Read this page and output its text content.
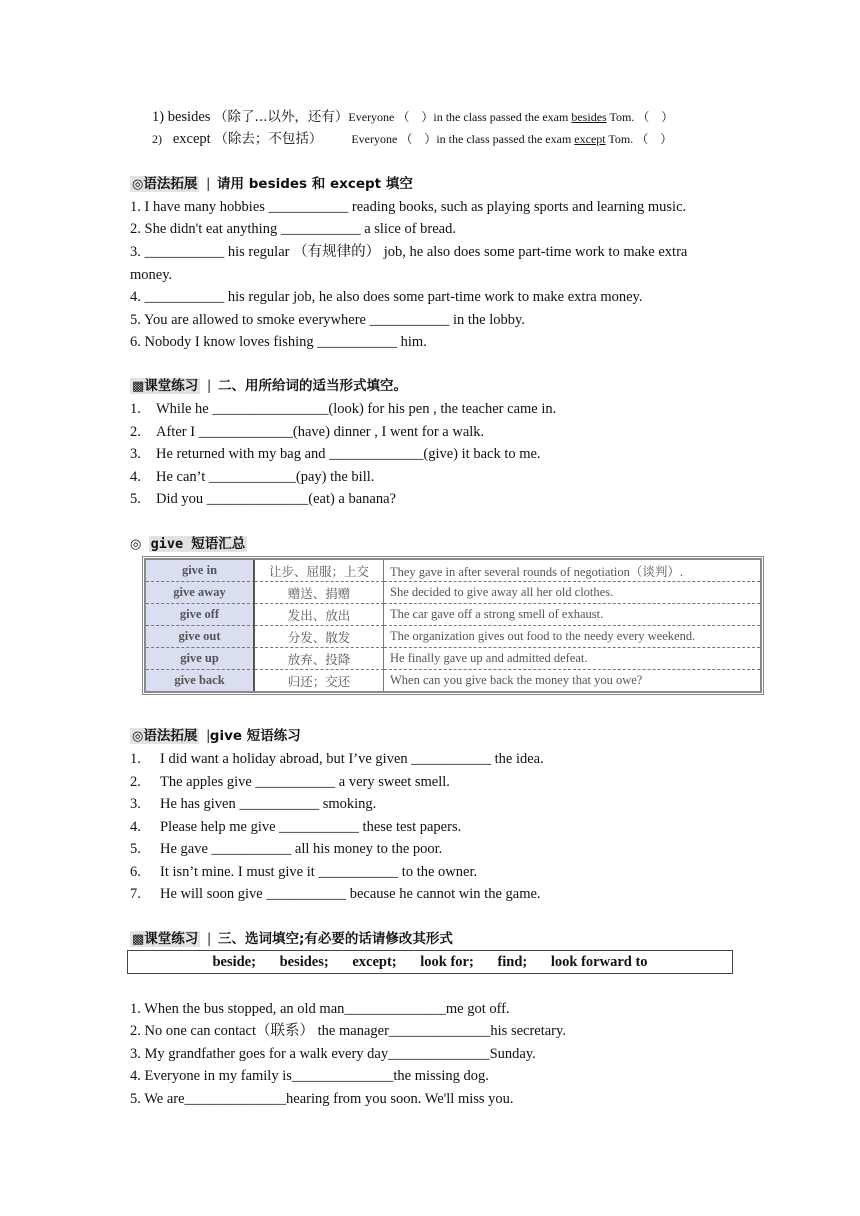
1) besides （除了...以外，还有）Everyone （　）in the class passed the exam besides Tom. （　）
2) except （除去；不包括） Everyone （　）in the class passed the exam except Tom. （　）
◎语法拓展  |  请用 besides 和 except 填空
1. I have many hobbies ___________ reading books, such as playing sports and learning music.
2. She didn't eat anything ___________ a slice of bread.
3. ___________ his regular （有规律的） job, he also does some part-time work to make extra
money.
4. ___________ his regular job, he also does some part-time work to make extra money.
5. You are allowed to smoke everywhere ___________ in the lobby.
6. Nobody I know loves fishing ___________ him.
▩课堂练习  |  二、用所给词的适当形式填空。
1. While he ________________(look) for his pen , the teacher came in.
2. After I _____________(have) dinner , I went for a walk.
3. He returned with my bag and _____________(give) it back to me.
4. He can’t ____________(pay) the bill.
5. Did you ______________(eat) a banana?
◎ give 短语汇总
give in	让步、屈服；上交	They gave in after several rounds of negotiation（谈判）.
give away	赠送、捐赠	She decided to give away all her old clothes.
give off	发出、放出	The car gave off a strong smell of exhaust.
give out	分发、散发	The organization gives out food to the needy every weekend.
give up	放弃、投降	He finally gave up and admitted defeat.
give back	归还；交还	When can you give back the money that you owe?
◎语法拓展  |give 短语练习
1. I did want a holiday abroad, but I’ve given ___________ the idea.
2. The apples give ___________ a very sweet smell.
3. He has given ___________ smoking.
4. Please help me give ___________ these test papers.
5. He gave ___________ all his money to the poor.
6. It isn’t mine. I must give it ___________ to the owner.
7. He will soon give ___________ because he cannot win the game.
▩课堂练习  |  三、选词填空;有必要的话请修改其形式
beside; besides; except; look for; find; look forward to
1. When the bus stopped, an old man______________me got off.
2. No one can contact（联系） the manager______________his secretary.
3. My grandfather goes for a walk every day______________Sunday.
4. Everyone in my family is______________the missing dog.
5. We are______________hearing from you soon. We'll miss you.
